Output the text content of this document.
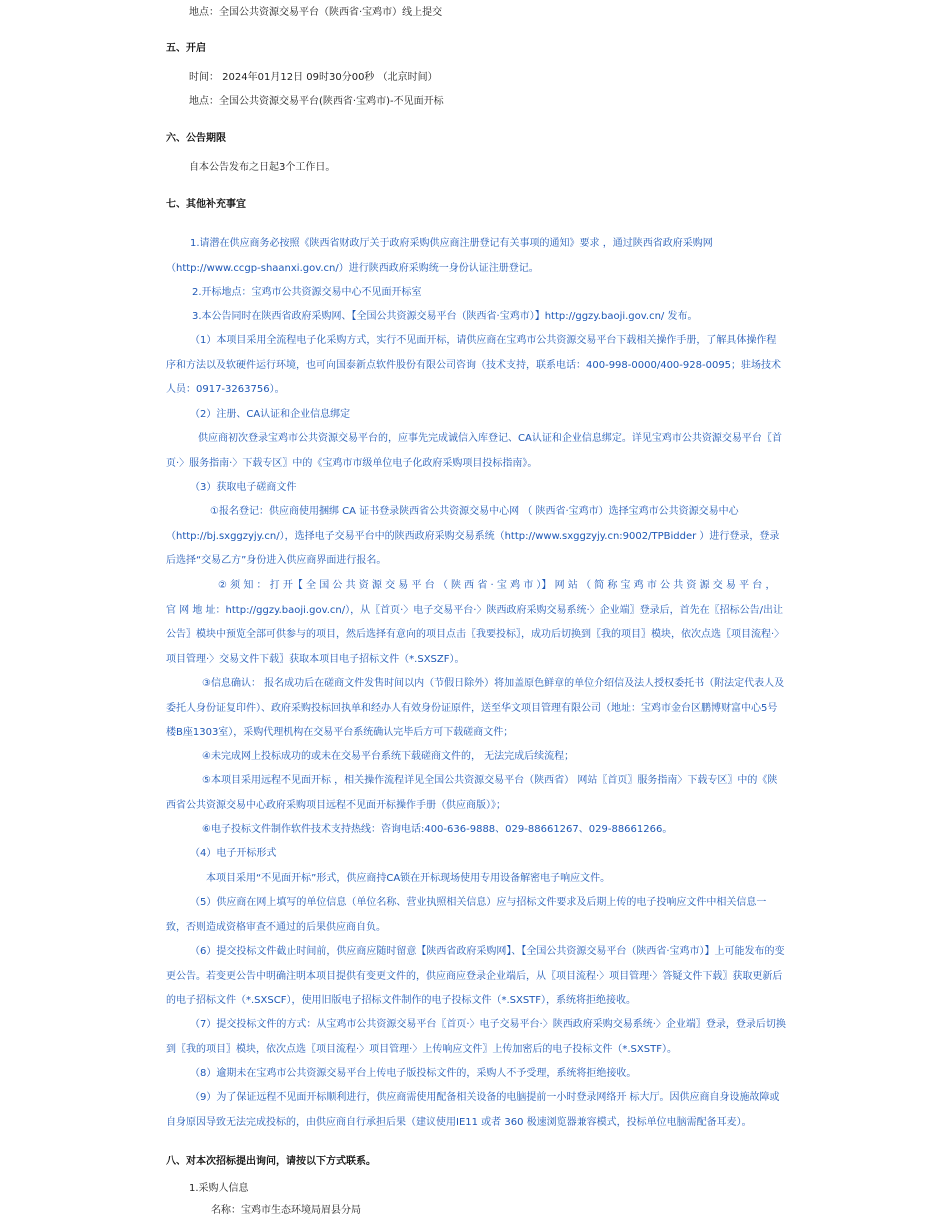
地点：全国公共资源交易平台（陕西省·宝鸡市）线上提交
五、开启
时间： 2024年01月12日 09时30分00秒 （北京时间）
地点：全国公共资源交易平台(陕西省·宝鸡市)-不见面开标
六、公告期限
自本公告发布之日起3个工作日。
七、其他补充事宜
1.请潜在供应商务必按照《陕西省财政厅关于政府采购供应商注册登记有关事项的通知》要求 ，通过陕西省政府采购网（http://www.ccgp-shaanxi.gov.cn/）进行陕西政府采购统一身份认证注册登记。
2.开标地点：宝鸡市公共资源交易中心不见面开标室
3.本公告同时在陕西省政府采购网、【全国公共资源交易平台（陕西省·宝鸡市）】http://ggzy.baoji.gov.cn/ 发布。
（1）本项目采用全流程电子化采购方式，实行不见面开标，请供应商在宝鸡市公共资源交易平台下载相关操作手册，了解具体操作程序和方法以及软硬件运行环境，也可向国泰新点软件股份有限公司咨询（技术支持，联系电话：400-998-0000/400-928-0095；驻场技术人员：0917-3263756）。
（2）注册、CA认证和企业信息绑定
供应商初次登录宝鸡市公共资源交易平台的，应事先完成诚信入库登记、CA认证和企业信息绑定。详见宝鸡市公共资源交易平台〖首页·〉服务指南·〉下载专区〗中的《宝鸡市市级单位电子化政府采购项目投标指南》。
（3）获取电子磋商文件
①报名登记：供应商使用捆绑 CA 证书登录陕西省公共资源交易中心网 （ 陕西省·宝鸡市）选择宝鸡市公共资源交易中心（http://bj.sxggzyjy.cn/），选择电子交易平台中的陕西政府采购交易系统（http://www.sxggzyjy.cn:9002/TPBidder ）进行登录，登录后选择“交易乙方”身份进入供应商界面进行报名。
② 须 知 ： 打 开【 全 国 公 共 资 源 交 易 平 台 （ 陕 西 省 · 宝 鸡 市 ）】 网 站 （ 简 称 宝 鸡 市 公 共 资 源 交 易 平 台 ， 官 网 地 址：http://ggzy.baoji.gov.cn/），从〖首页·〉电子交易平台·〉陕西政府采购交易系统·〉企业端〗登录后，首先在〖招标公告/出让公告〗模块中预览全部可供参与的项目，然后选择有意向的项目点击〖我要投标〗，成功后切换到〖我的项目〗模块，依次点选〖项目流程·〉项目管理·〉交易文件下载〗获取本项目电子招标文件（*.SXSZF）。
③信息确认： 报名成功后在磋商文件发售时间以内（节假日除外）将加盖原色鲜章的单位介绍信及法人授权委托书（附法定代表人及委托人身份证复印件）、政府采购投标回执单和经办人有效身份证原件，送至华文项目管理有限公司（地址：宝鸡市金台区鹏博财富中心5号楼B座1303室），采购代理机构在交易平台系统确认完毕后方可下载磋商文件；
④未完成网上投标成功的或未在交易平台系统下载磋商文件的， 无法完成后续流程；
⑤本项目采用远程不见面开标 ，相关操作流程详见全国公共资源交易平台（陕西省） 网站〖首页〗服务指南〉下载专区〗中的《陕西省公共资源交易中心政府采购项目远程不见面开标操作手册（供应商版）》；
⑥电子投标文件制作软件技术支持热线：咨询电话:400-636-9888、029-88661267、029-88661266。
（4）电子开标形式
本项目采用“不见面开标”形式，供应商持CA锁在开标现场使用专用设备解密电子响应文件。
（5）供应商在网上填写的单位信息（单位名称、营业执照相关信息）应与招标文件要求及后期上传的电子投响应文件中相关信息一致，否则造成资格审查不通过的后果供应商自负。
（6）提交投标文件截止时间前，供应商应随时留意【陕西省政府采购网】、【全国公共资源交易平台（陕西省·宝鸡市）】上可能发布的变更公告。若变更公告中明确注明本项目提供有变更文件的，供应商应登录企业端后，从〖项目流程·〉项目管理·〉答疑文件下载〗获取更新后的电子招标文件（*.SXSCF），使用旧版电子招标文件制作的电子投标文件（*.SXSTF），系统将拒绝接收。
（7）提交投标文件的方式：从宝鸡市公共资源交易平台〖首页·〉电子交易平台·〉陕西政府采购交易系统·〉企业端〗登录，登录后切换到〖我的项目〗模块，依次点选〖项目流程·〉项目管理·〉上传响应文件〗上传加密后的电子投标文件（*.SXSTF）。
（8）逾期未在宝鸡市公共资源交易平台上传电子版投标文件的，采购人不予受理，系统将拒绝接收。
（9）为了保证远程不见面开标顺利进行，供应商需使用配备相关设备的电脑提前一小时登录网络开 标大厅。因供应商自身设施故障或自身原因导致无法完成投标的，由供应商自行承担后果（建议使用IE11 或者 360 极速浏览器兼容模式，投标单位电脑需配备耳麦）。
八、对本次招标提出询问，请按以下方式联系。
1.采购人信息
名称：宝鸡市生态环境局眉县分局
